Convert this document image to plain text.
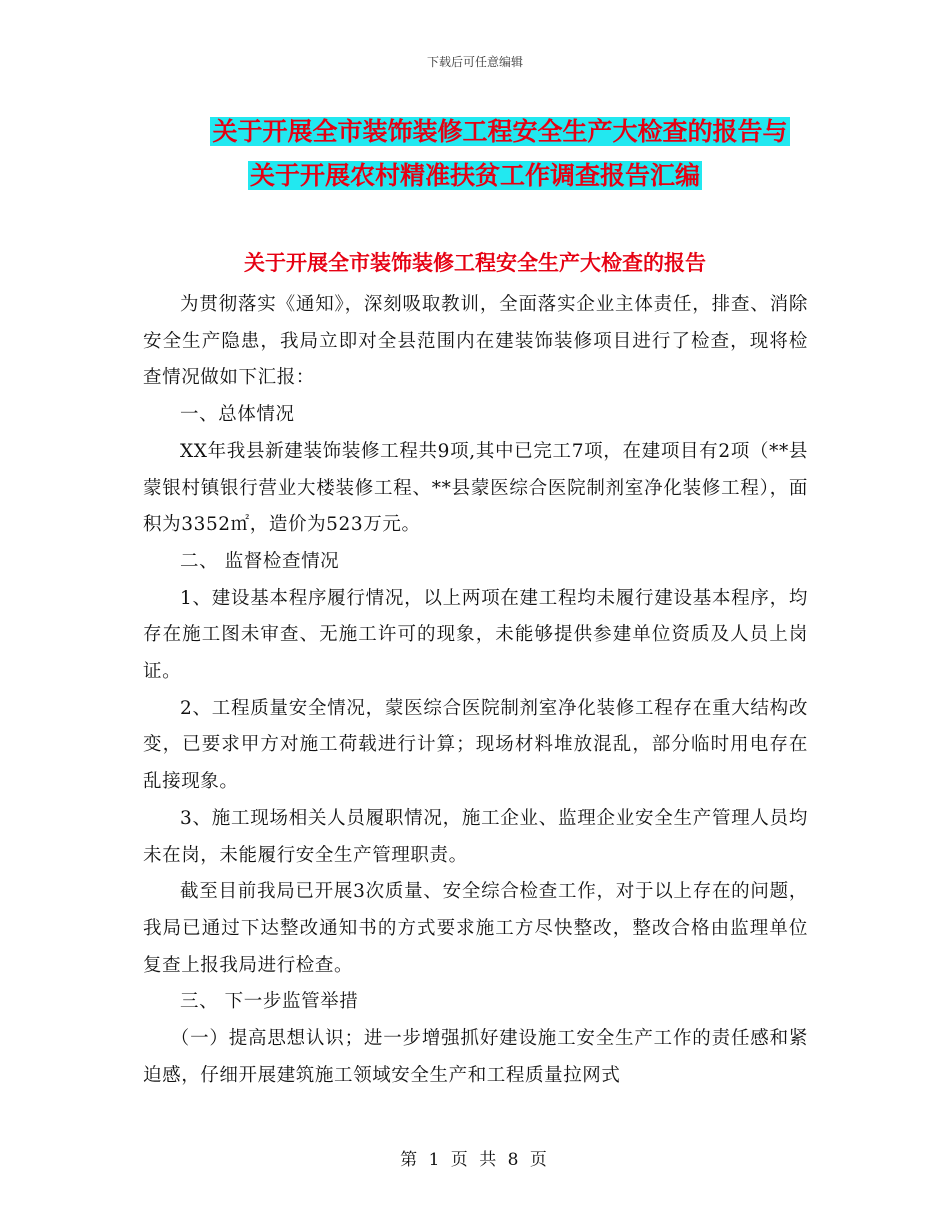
下载后可任意编辑
关于开展全市装饰装修工程安全生产大检查的报告与
关于开展农村精准扶贫工作调查报告汇编
关于开展全市装饰装修工程安全生产大检查的报告

为贯彻落实《通知》，深刻吸取教训，全面落实企业主体责任，排查、消除安全生产隐患，我局立即对全县范围内在建装饰装修项目进行了检查，现将检查情况做如下汇报：

一、总体情况

XX年我县新建装饰装修工程共9项,其中已完工7项，在建项目有2项（**县蒙银村镇银行营业大楼装修工程、**县蒙医综合医院制剂室净化装修工程），面积为3352㎡，造价为523万元。

二、 监督检查情况

1、建设基本程序履行情况，以上两项在建工程均未履行建设基本程序，均存在施工图未审查、无施工许可的现象，未能够提供参建单位资质及人员上岗证。

2、工程质量安全情况，蒙医综合医院制剂室净化装修工程存在重大结构改变，已要求甲方对施工荷载进行计算；现场材料堆放混乱，部分临时用电存在乱接现象。

3、施工现场相关人员履职情况，施工企业、监理企业安全生产管理人员均未在岗，未能履行安全生产管理职责。

截至目前我局已开展3次质量、安全综合检查工作，对于以上存在的问题，我局已通过下达整改通知书的方式要求施工方尽快整改，整改合格由监理单位复查上报我局进行检查。

三、 下一步监管举措

（一）提高思想认识；进一步增强抓好建设施工安全生产工作的责任感和紧迫感，仔细开展建筑施工领域安全生产和工程质量拉网式

第 1 页 共 8 页
